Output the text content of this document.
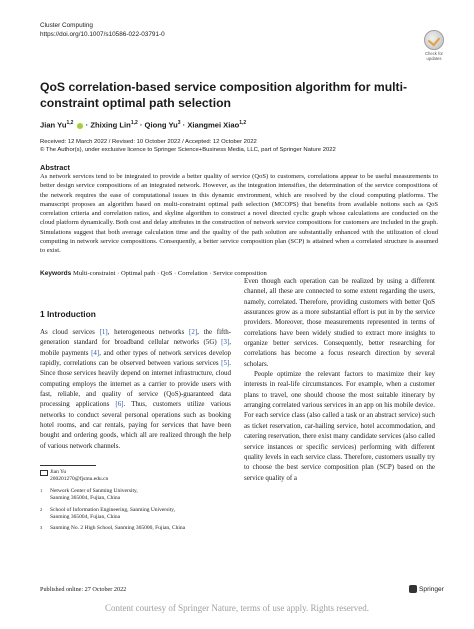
Cluster Computing
https://doi.org/10.1007/s10586-022-03791-0
Check for
updates
QoS correlation-based service composition algorithm for multi-constraint optimal path selection
Jian Yu$^{1,2}$ · Zhixing Lin$^{1,2}$ · Qiong $Yu^3$ · Xiangmei Xiao$^{1,2}$
Received: 12 March 2022 / Revised: 10 October 2022 / Accepted: 12 October 2022
© The Author(s), under exclusive licence to Springer Science+Business Media, LLC, part of Springer Nature 2022
Abstract
As network services tend to be integrated to provide a better quality of service (QoS) to customers, correlations appear to be useful measurements to better design service compositions of an integrated network. However, as the integration intensifies, the determination of the service compositions of the network requires the ease of computational issues in this dynamic environment, which are resolved by the cloud computing platforms. The manuscript proposes an algorithm based on multi-constraint optimal path selection (MCOPS) that benefits from available notions such as QoS correlation criteria and correlation ratios, and skyline algorithm to construct a novel directed cyclic graph whose calculations are conducted on the cloud platform dynamically. Both cost and delay attributes in the construction of network service compositions for customers are included in the graph. Simulations suggest that both average calculation time and the quality of the path solution are substantially enhanced with the utilization of cloud computing in network service compositions. Consequently, a better service composition plan (SCP) is attained when a correlated structure is assumed to exist.
Keywords Multi-constraint · Optimal path · QoS · Correlation · Service composition
1 Introduction

As cloud services [1], heterogeneous networks [2], the fifth-generation standard for broadband cellular networks (5G) [3], mobile payments [4], and other types of network services develop rapidly, correlations can be observed between various services [5]. Since those services heavily depend on internet infrastructure, cloud computing employs the internet as a carrier to provide users with fast, reliable, and quality of service (QoS)-guaranteed data processing applications [6]. Thus, customers utilize various networks to conduct several personal operations such as booking hotel rooms, and car rentals, paying for services that have been bought and ordering goods, which all are realized through the help of various network channels.

Even though each operation can be realized by using a different channel, all these are connected to some extent regarding the users, namely, correlated. Therefore, providing customers with better QoS assurances grow as a more substantial effort is put in by the service providers. Moreover, those measurements represented in terms of correlations have been widely studied to extract more insights to organize better services. Consequently, better researching for correlations has become a focus research direction by several scholars.

People optimize the relevant factors to maximize their key interests in real-life circumstances. For example, when a customer plans to travel, one should choose the most suitable itinerary by arranging correlated various services in an app on his mobile device. For each service class (also called a task or an abstract service) such as ticket reservation, car-hailing service, hotel accommodation, and catering reservation, there exist many candidate services (also called service instances or specific services) performing with different quality levels in each service class. Therefore, customers usually try to choose the best service composition plan (SCP) based on the service quality of a

Jian Yu
200201270@fjsmu.edu.cn
1 Network Center of Sanming University,
Sanming 365004, Fujian, China
2 School of Information Engineering, Sanming University,
Sanming 365004, Fujian, China
3 Sanming No. 2 High School, Sanming 365000, Fujian, China
Published online: 27 October 2022	Springer
Content courtesy of Springer Nature, terms of use apply. Rights reserved.
